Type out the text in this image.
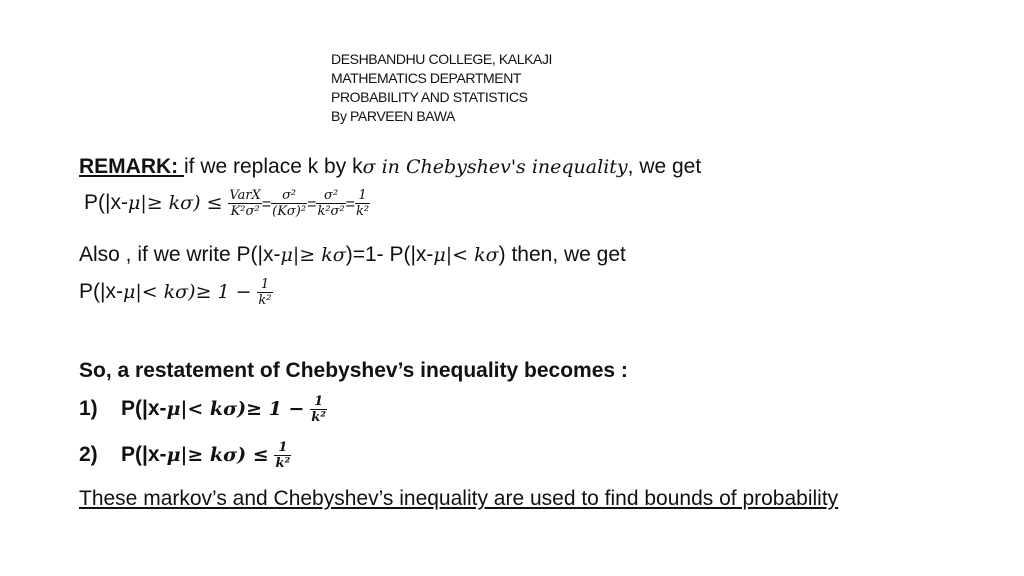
DESHBANDHU COLLEGE, KALKAJI
MATHEMATICS DEPARTMENT
PROBABILITY AND STATISTICS
By PARVEEN BAWA
REMARK: if we replace k by kσ in Chebyshev's inequality, we get
$P(|x-\mu|\ge k\sigma) \le \frac{\text{VarX}}{\text{K²σ²}} = \frac{\text{σ²}}{\text{(Kσ)²}} = \frac{\text{σ²}}{\text{k²σ²}} = \frac{1}{\text{k²}}$
Also , if we write P(|x-μ|≥ kσ)=1- P(|x-μ|< kσ) then, we get
$P(|x-\mu|< k\sigma)\ge 1 - \frac{1}{\text{k²}}$
So, a restatement of Chebyshev’s inequality becomes :
1) $P(|x-\mu|< k\sigma)\ge 1 - \frac{1}{\text{k²}}$
2) $P(|x-\mu|\ge k\sigma) \le \frac{1}{\text{k²}}$
These markov’s and Chebyshev’s inequality are used to find bounds of probability
